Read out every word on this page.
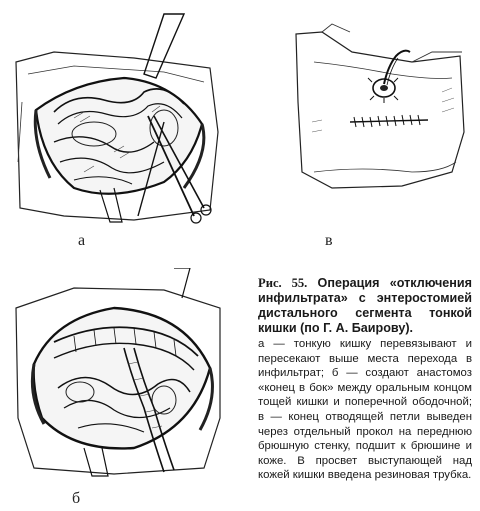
а	в
б
Рис. 55. Операция «отключения инфильтрата» с энтеростомией дистального сегмента тонкой кишки (по Г. А. Баирову).
а — тонкую кишку перевязывают и пересекают выше места перехода в инфильтрат; б — создают анастомоз «конец в бок» между оральным концом тощей кишки и поперечной ободочной; в — конец отводящей петли выведен через отдельный прокол на переднюю брюшную стенку, подшит к брюшине и коже. В просвет выступающей над кожей кишки введена резиновая трубка.
